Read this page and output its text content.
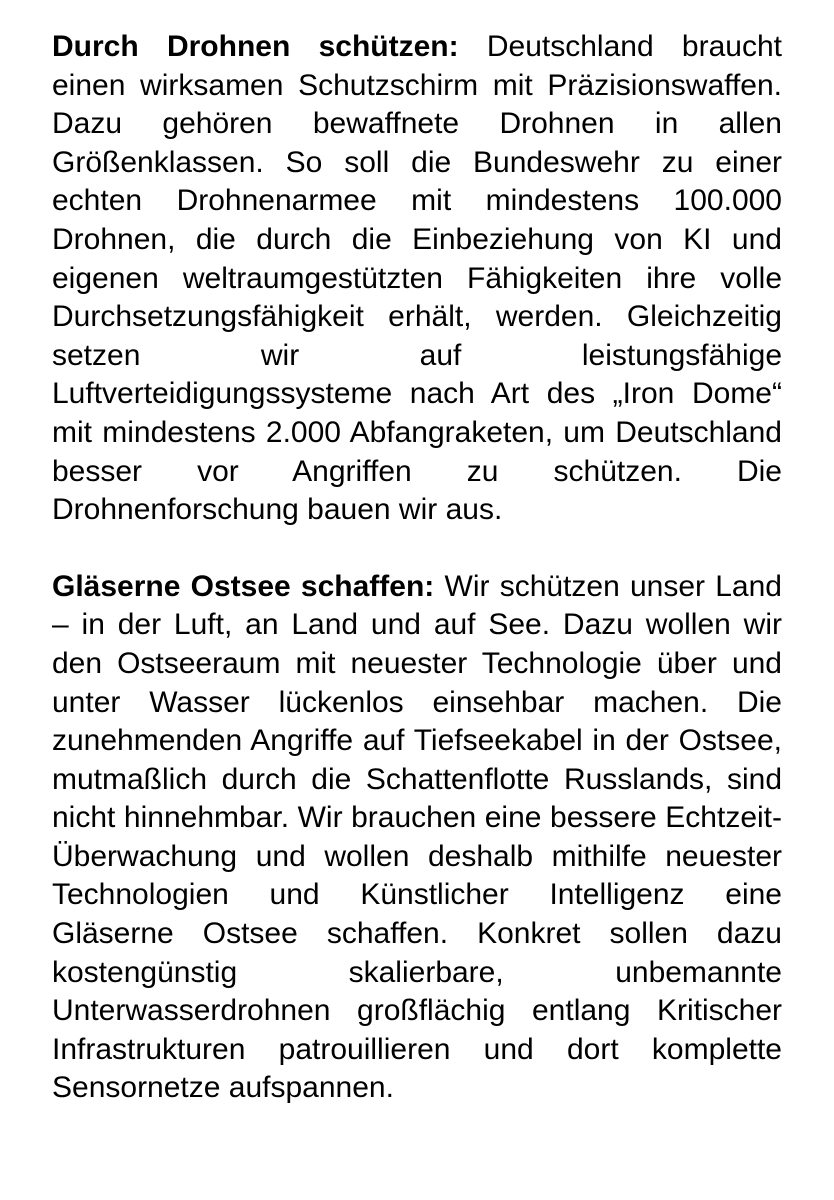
Durch Drohnen schützen: Deutschland braucht einen wirksamen Schutzschirm mit Präzisionswaffen. Dazu gehören bewaffnete Drohnen in allen Größenklassen. So soll die Bundeswehr zu einer echten Drohnenarmee mit mindestens 100.000 Drohnen, die durch die Einbeziehung von KI und eigenen weltraumgestützten Fähigkeiten ihre volle Durchsetzungsfähigkeit erhält, werden. Gleichzeitig setzen wir auf leistungsfähige Luftverteidigungssysteme nach Art des „Iron Dome“ mit mindestens 2.000 Abfangraketen, um Deutschland besser vor Angriffen zu schützen. Die Drohnenforschung bauen wir aus.

Gläserne Ostsee schaffen: Wir schützen unser Land – in der Luft, an Land und auf See. Dazu wollen wir den Ostseeraum mit neuester Technologie über und unter Wasser lückenlos einsehbar machen. Die zunehmenden Angriffe auf Tiefseekabel in der Ostsee, mutmaßlich durch die Schattenflotte Russlands, sind nicht hinnehmbar. Wir brauchen eine bessere Echtzeit-Überwachung und wollen deshalb mithilfe neuester Technologien und Künstlicher Intelligenz eine Gläserne Ostsee schaffen. Konkret sollen dazu kostengünstig skalierbare, unbemannte Unterwasserdrohnen großflächig entlang Kritischer Infrastrukturen patrouillieren und dort komplette Sensornetze aufspannen.
